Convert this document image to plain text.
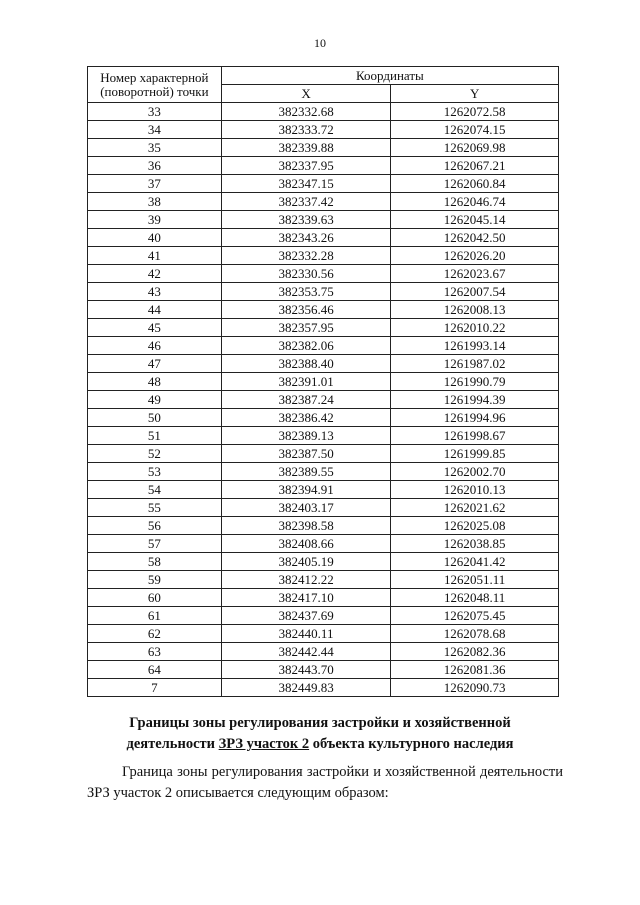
10
Номер характерной (поворотной) точки	Координаты	
	X	Y
33	382332.68	1262072.58
34	382333.72	1262074.15
35	382339.88	1262069.98
36	382337.95	1262067.21
37	382347.15	1262060.84
38	382337.42	1262046.74
39	382339.63	1262045.14
40	382343.26	1262042.50
41	382332.28	1262026.20
42	382330.56	1262023.67
43	382353.75	1262007.54
44	382356.46	1262008.13
45	382357.95	1262010.22
46	382382.06	1261993.14
47	382388.40	1261987.02
48	382391.01	1261990.79
49	382387.24	1261994.39
50	382386.42	1261994.96
51	382389.13	1261998.67
52	382387.50	1261999.85
53	382389.55	1262002.70
54	382394.91	1262010.13
55	382403.17	1262021.62
56	382398.58	1262025.08
57	382408.66	1262038.85
58	382405.19	1262041.42
59	382412.22	1262051.11
60	382417.10	1262048.11
61	382437.69	1262075.45
62	382440.11	1262078.68
63	382442.44	1262082.36
64	382443.70	1262081.36
7	382449.83	1262090.73
Границы зоны регулирования застройки и хозяйственной
деятельности ЗРЗ участок 2 объекта культурного наследия
Граница зоны регулирования застройки и хозяйственной деятельности ЗРЗ участок 2 описывается следующим образом:
